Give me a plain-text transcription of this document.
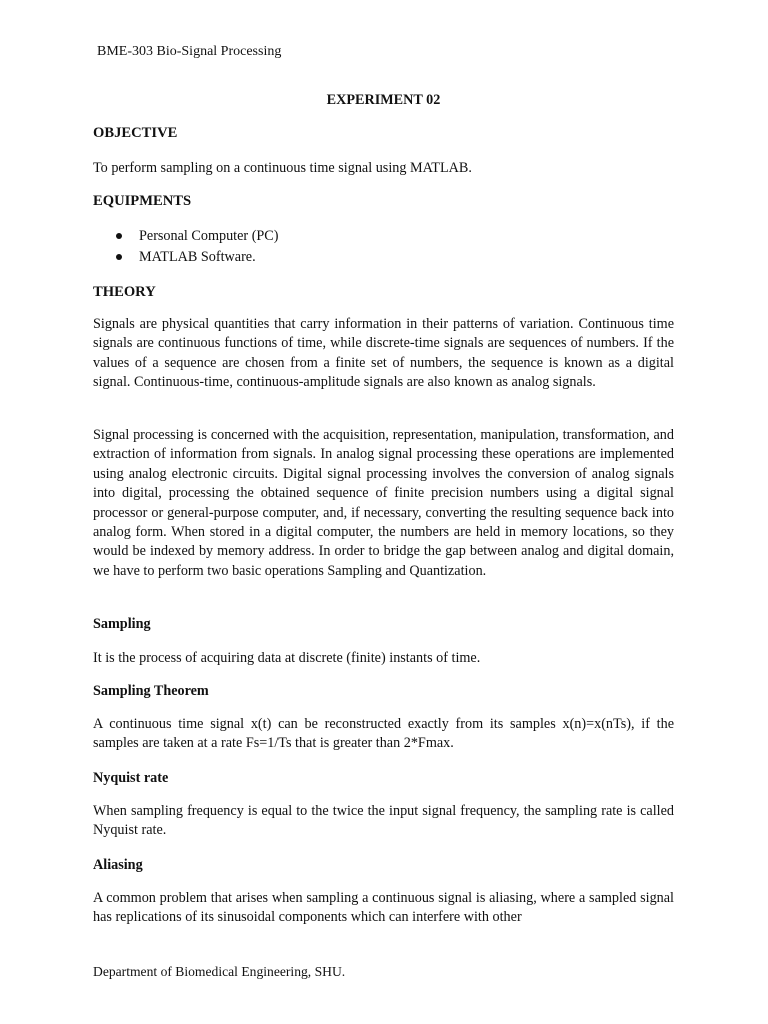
BME-303 Bio-Signal Processing
EXPERIMENT 02
OBJECTIVE
To perform sampling on a continuous time signal using MATLAB.
EQUIPMENTS
Personal Computer (PC)
MATLAB Software.
THEORY
Signals are physical quantities that carry information in their patterns of variation. Continuous time signals are continuous functions of time, while discrete-time signals are sequences of numbers. If the values of a sequence are chosen from a finite set of numbers, the sequence is known as a digital signal. Continuous-time, continuous-amplitude signals are also known as analog signals.
Signal processing is concerned with the acquisition, representation, manipulation, transformation, and extraction of information from signals. In analog signal processing these operations are implemented using analog electronic circuits. Digital signal processing involves the conversion of analog signals into digital, processing the obtained sequence of finite precision numbers using a digital signal processor or general-purpose computer, and, if necessary, converting the resulting sequence back into analog form. When stored in a digital computer, the numbers are held in memory locations, so they would be indexed by memory address. In order to bridge the gap between analog and digital domain, we have to perform two basic operations Sampling and Quantization.
Sampling
It is the process of acquiring data at discrete (finite) instants of time.
Sampling Theorem
A continuous time signal x(t) can be reconstructed exactly from its samples x(n)=x(nTs), if the samples are taken at a rate Fs=1/Ts that is greater than 2*Fmax.
Nyquist rate
When sampling frequency is equal to the twice the input signal frequency, the sampling rate is called Nyquist rate.
Aliasing
A common problem that arises when sampling a continuous signal is aliasing, where a sampled signal has replications of its sinusoidal components which can interfere with other
Department of Biomedical Engineering, SHU.
